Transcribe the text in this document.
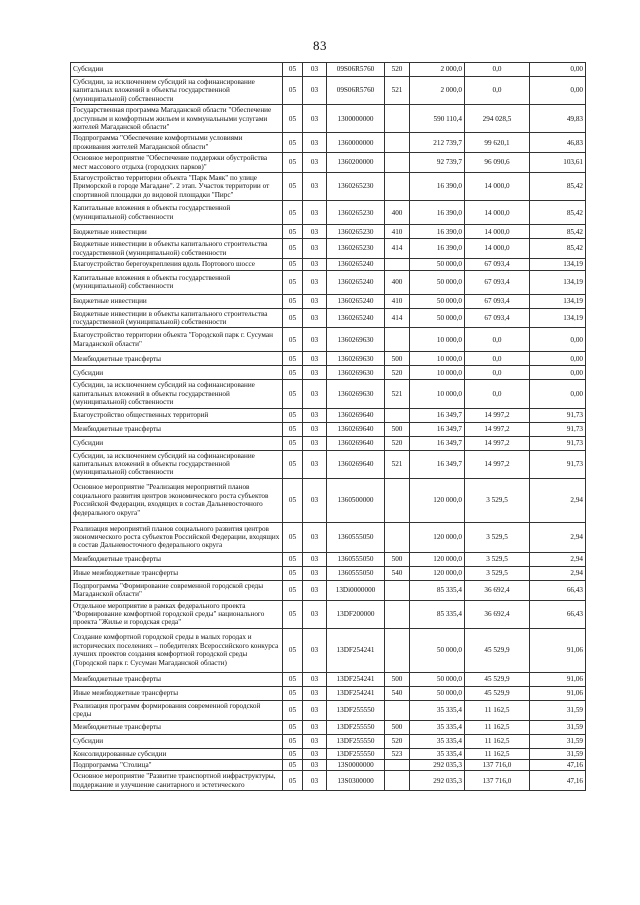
83
Субсидии	05	03	09S06R5760	520	2 000,0	0,0	0,00
Субсидии, за исключением субсидий на софинансирование капитальных вложений в объекты государственной (муниципальной) собственности	05	03	09S06R5760	521	2 000,0	0,0	0,00
Государственная программа Магаданской области "Обеспечение доступным и комфортным жильем и коммунальными услугами жителей Магаданской области"	05	03	1300000000		590 110,4	294 028,5	49,83
Подпрограмма "Обеспечение комфортными условиями проживания жителей Магаданской области"	05	03	1360000000		212 739,7	99 620,1	46,83
Основное мероприятие "Обеспечение поддержки обустройства мест массового отдыха (городских парков)"	05	03	1360200000		92 739,7	96 090,6	103,61
Благоустройство территории объекта "Парк Маяк" по улице Приморской в городе Магадане". 2 этап. Участок территории от спортивной площадки до видовой площадки "Пирс"	05	03	1360265230		16 390,0	14 000,0	85,42
Капитальные вложения в объекты государственной (муниципальной) собственности	05	03	1360265230	400	16 390,0	14 000,0	85,42
Бюджетные инвестиции	05	03	1360265230	410	16 390,0	14 000,0	85,42
Бюджетные инвестиции в объекты капитального строительства государственной (муниципальной) собственности	05	03	1360265230	414	16 390,0	14 000,0	85,42
Благоустройство берегоукрепления вдоль Портового шоссе	05	03	1360265240		50 000,0	67 093,4	134,19
Капитальные вложения в объекты государственной (муниципальной) собственности	05	03	1360265240	400	50 000,0	67 093,4	134,19
Бюджетные инвестиции	05	03	1360265240	410	50 000,0	67 093,4	134,19
Бюджетные инвестиции в объекты капитального строительства государственной (муниципальной) собственности	05	03	1360265240	414	50 000,0	67 093,4	134,19
Благоустройство территории объекта "Городской парк г. Сусуман Магаданской области"	05	03	1360269630		10 000,0	0,0	0,00
Межбюджетные трансферты	05	03	1360269630	500	10 000,0	0,0	0,00
Субсидии	05	03	1360269630	520	10 000,0	0,0	0,00
Субсидии, за исключением субсидий на софинансирование капитальных вложений в объекты государственной (муниципальной) собственности	05	03	1360269630	521	10 000,0	0,0	0,00
Благоустройство общественных территорий	05	03	1360269640		16 349,7	14 997,2	91,73
Межбюджетные трансферты	05	03	1360269640	500	16 349,7	14 997,2	91,73
Субсидии	05	03	1360269640	520	16 349,7	14 997,2	91,73
Субсидии, за исключением субсидий на софинансирование капитальных вложений в объекты государственной (муниципальной) собственности	05	03	1360269640	521	16 349,7	14 997,2	91,73
Основное мероприятие "Реализация мероприятий планов социального развития центров экономического роста субъектов Российской Федерации, входящих в состав Дальневосточного федерального округа"	05	03	1360500000		120 000,0	3 529,5	2,94
Реализация мероприятий планов социального развития центров экономического роста субъектов Российской Федерации, входящих в состав Дальневосточного федерального округа	05	03	1360555050		120 000,0	3 529,5	2,94
Межбюджетные трансферты	05	03	1360555050	500	120 000,0	3 529,5	2,94
Иные межбюджетные трансферты	05	03	1360555050	540	120 000,0	3 529,5	2,94
Подпрограмма "Формирование современной городской среды Магаданской области"	05	03	13Di0000000		85 335,4	36 692,4	66,43
Отдельное мероприятие в рамках федерального проекта "Формирование комфортной городской среды" национального проекта "Жилье и городская среда"	05	03	13DF200000		85 335,4	36 692,4	66,43
Создание комфортной городской среды в малых городах и исторических поселениях – победителях Всероссийского конкурса лучших проектов создания комфортной городской среды (Городской парк г. Сусуман Магаданской области)	05	03	13DF254241		50 000,0	45 529,9	91,06
Межбюджетные трансферты	05	03	13DF254241	500	50 000,0	45 529,9	91,06
Иные межбюджетные трансферты	05	03	13DF254241	540	50 000,0	45 529,9	91,06
Реализация программ формирования современной городской среды	05	03	13DF255550		35 335,4	11 162,5	31,59
Межбюджетные трансферты	05	03	13DF255550	500	35 335,4	11 162,5	31,59
Субсидии	05	03	13DF255550	520	35 335,4	11 162,5	31,59
Консолидированные субсидии	05	03	13DF255550	523	35 335,4	11 162,5	31,59
Подпрограмма "Столица"	05	03	13S0000000		292 035,3	137 716,0	47,16
Основное мероприятие "Развитие транспортной инфраструктуры, поддержание и улучшение санитарного и эстетического	05	03	13S0300000		292 035,3	137 716,0	47,16
